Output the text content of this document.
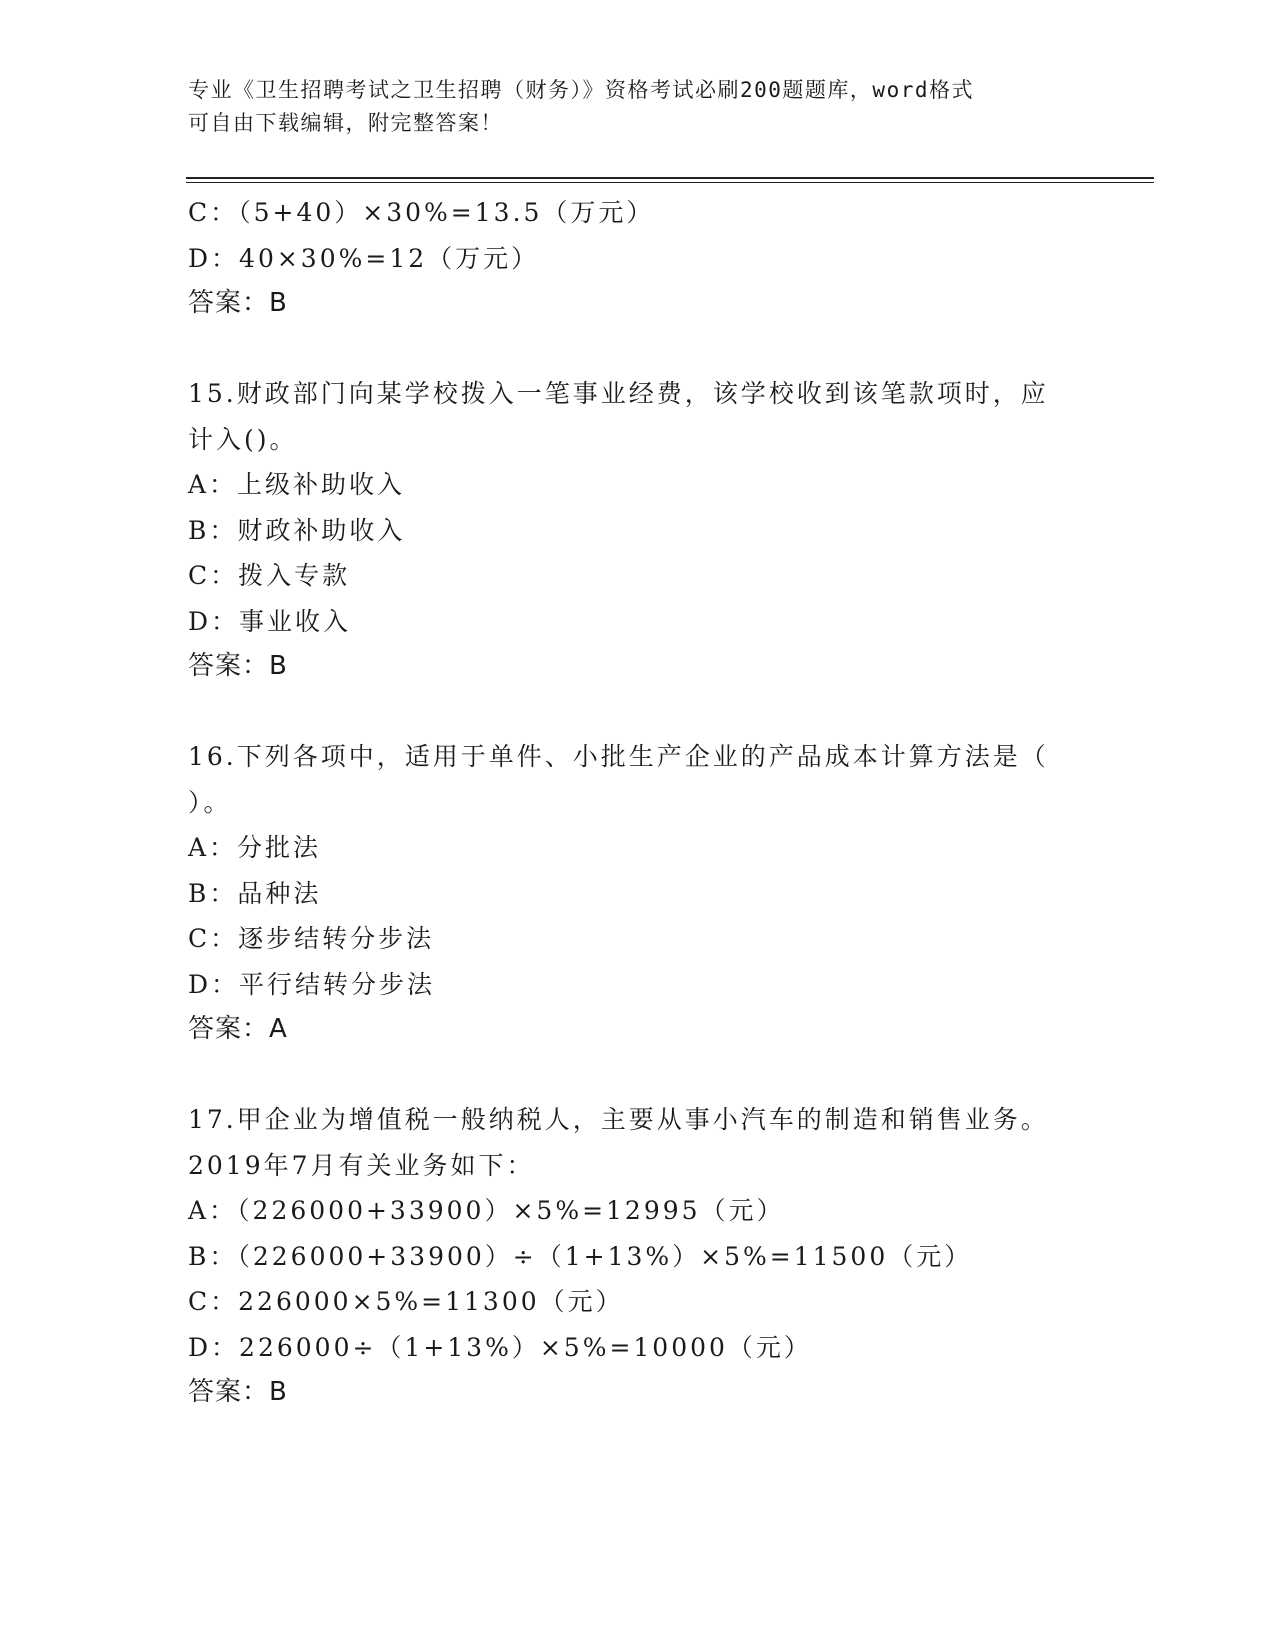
专业《卫生招聘考试之卫生招聘（财务）》资格考试必刷200题题库，word格式
可自由下载编辑，附完整答案！
C：（5+40）×30%=13.5（万元）
D：40×30%=12（万元）
答案：B
15.财政部门向某学校拨入一笔事业经费，该学校收到该笔款项时，应
计入()。
A：上级补助收入
B：财政补助收入
C：拨入专款
D：事业收入
答案：B
16.下列各项中，适用于单件、小批生产企业的产品成本计算方法是（
）。
A：分批法
B：品种法
C：逐步结转分步法
D：平行结转分步法
答案：A
17.甲企业为增值税一般纳税人，主要从事小汽车的制造和销售业务。
2019年7月有关业务如下：
A：（226000+33900）×5%=12995（元）
B：（226000+33900）÷（1+13%）×5%=11500（元）
C：226000×5%=11300（元）
D：226000÷（1+13%）×5%=10000（元）
答案：B
